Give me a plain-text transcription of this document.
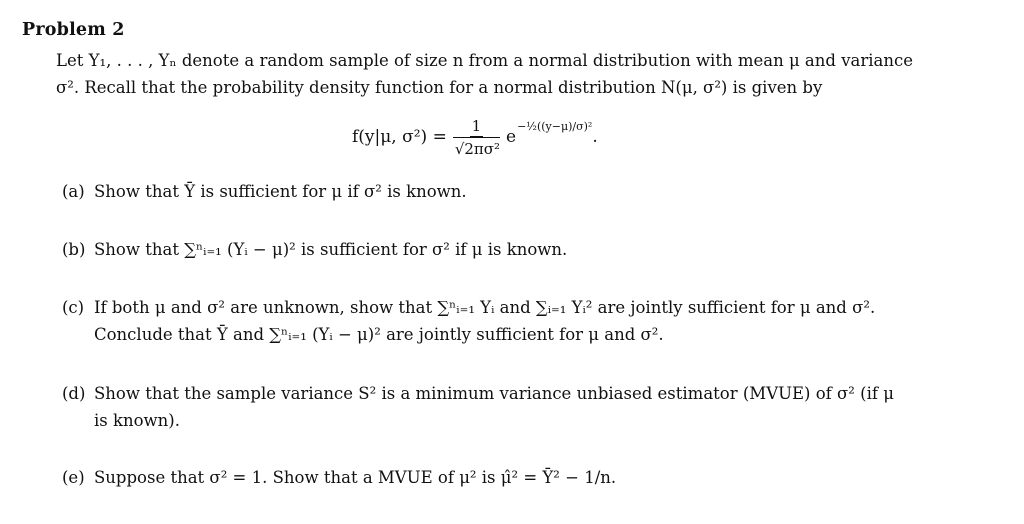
Problem 2
Let Y₁, . . . , Yₙ denote a random sample of size n from a normal distribution with mean μ and variance
σ². Recall that the probability density function for a normal distribution N(μ, σ²) is given by
f(y|μ, $\sigma^2) = \frac{1}{\text{√2πσ²}}$ e
−½((y−μ)/σ)²
.
(a) Show that Ȳ is sufficient for μ if σ² is known.
(b) Show that ∑ⁿᵢ₌₁ (Yᵢ − μ)² is sufficient for σ² if μ is known.
(c) If both μ and σ² are unknown, show that ∑ⁿᵢ₌₁ Yᵢ and ∑ᵢ₌₁ Yᵢ² are jointly sufficient for μ and σ².
Conclude that Ȳ and ∑ⁿᵢ₌₁ (Yᵢ − μ)² are jointly sufficient for μ and σ².
(d) Show that the sample variance S² is a minimum variance unbiased estimator (MVUE) of σ² (if μ
is known).
(e) Suppose that σ² = 1. Show that a MVUE of μ² is μ̂² = Ȳ² − 1/n.
